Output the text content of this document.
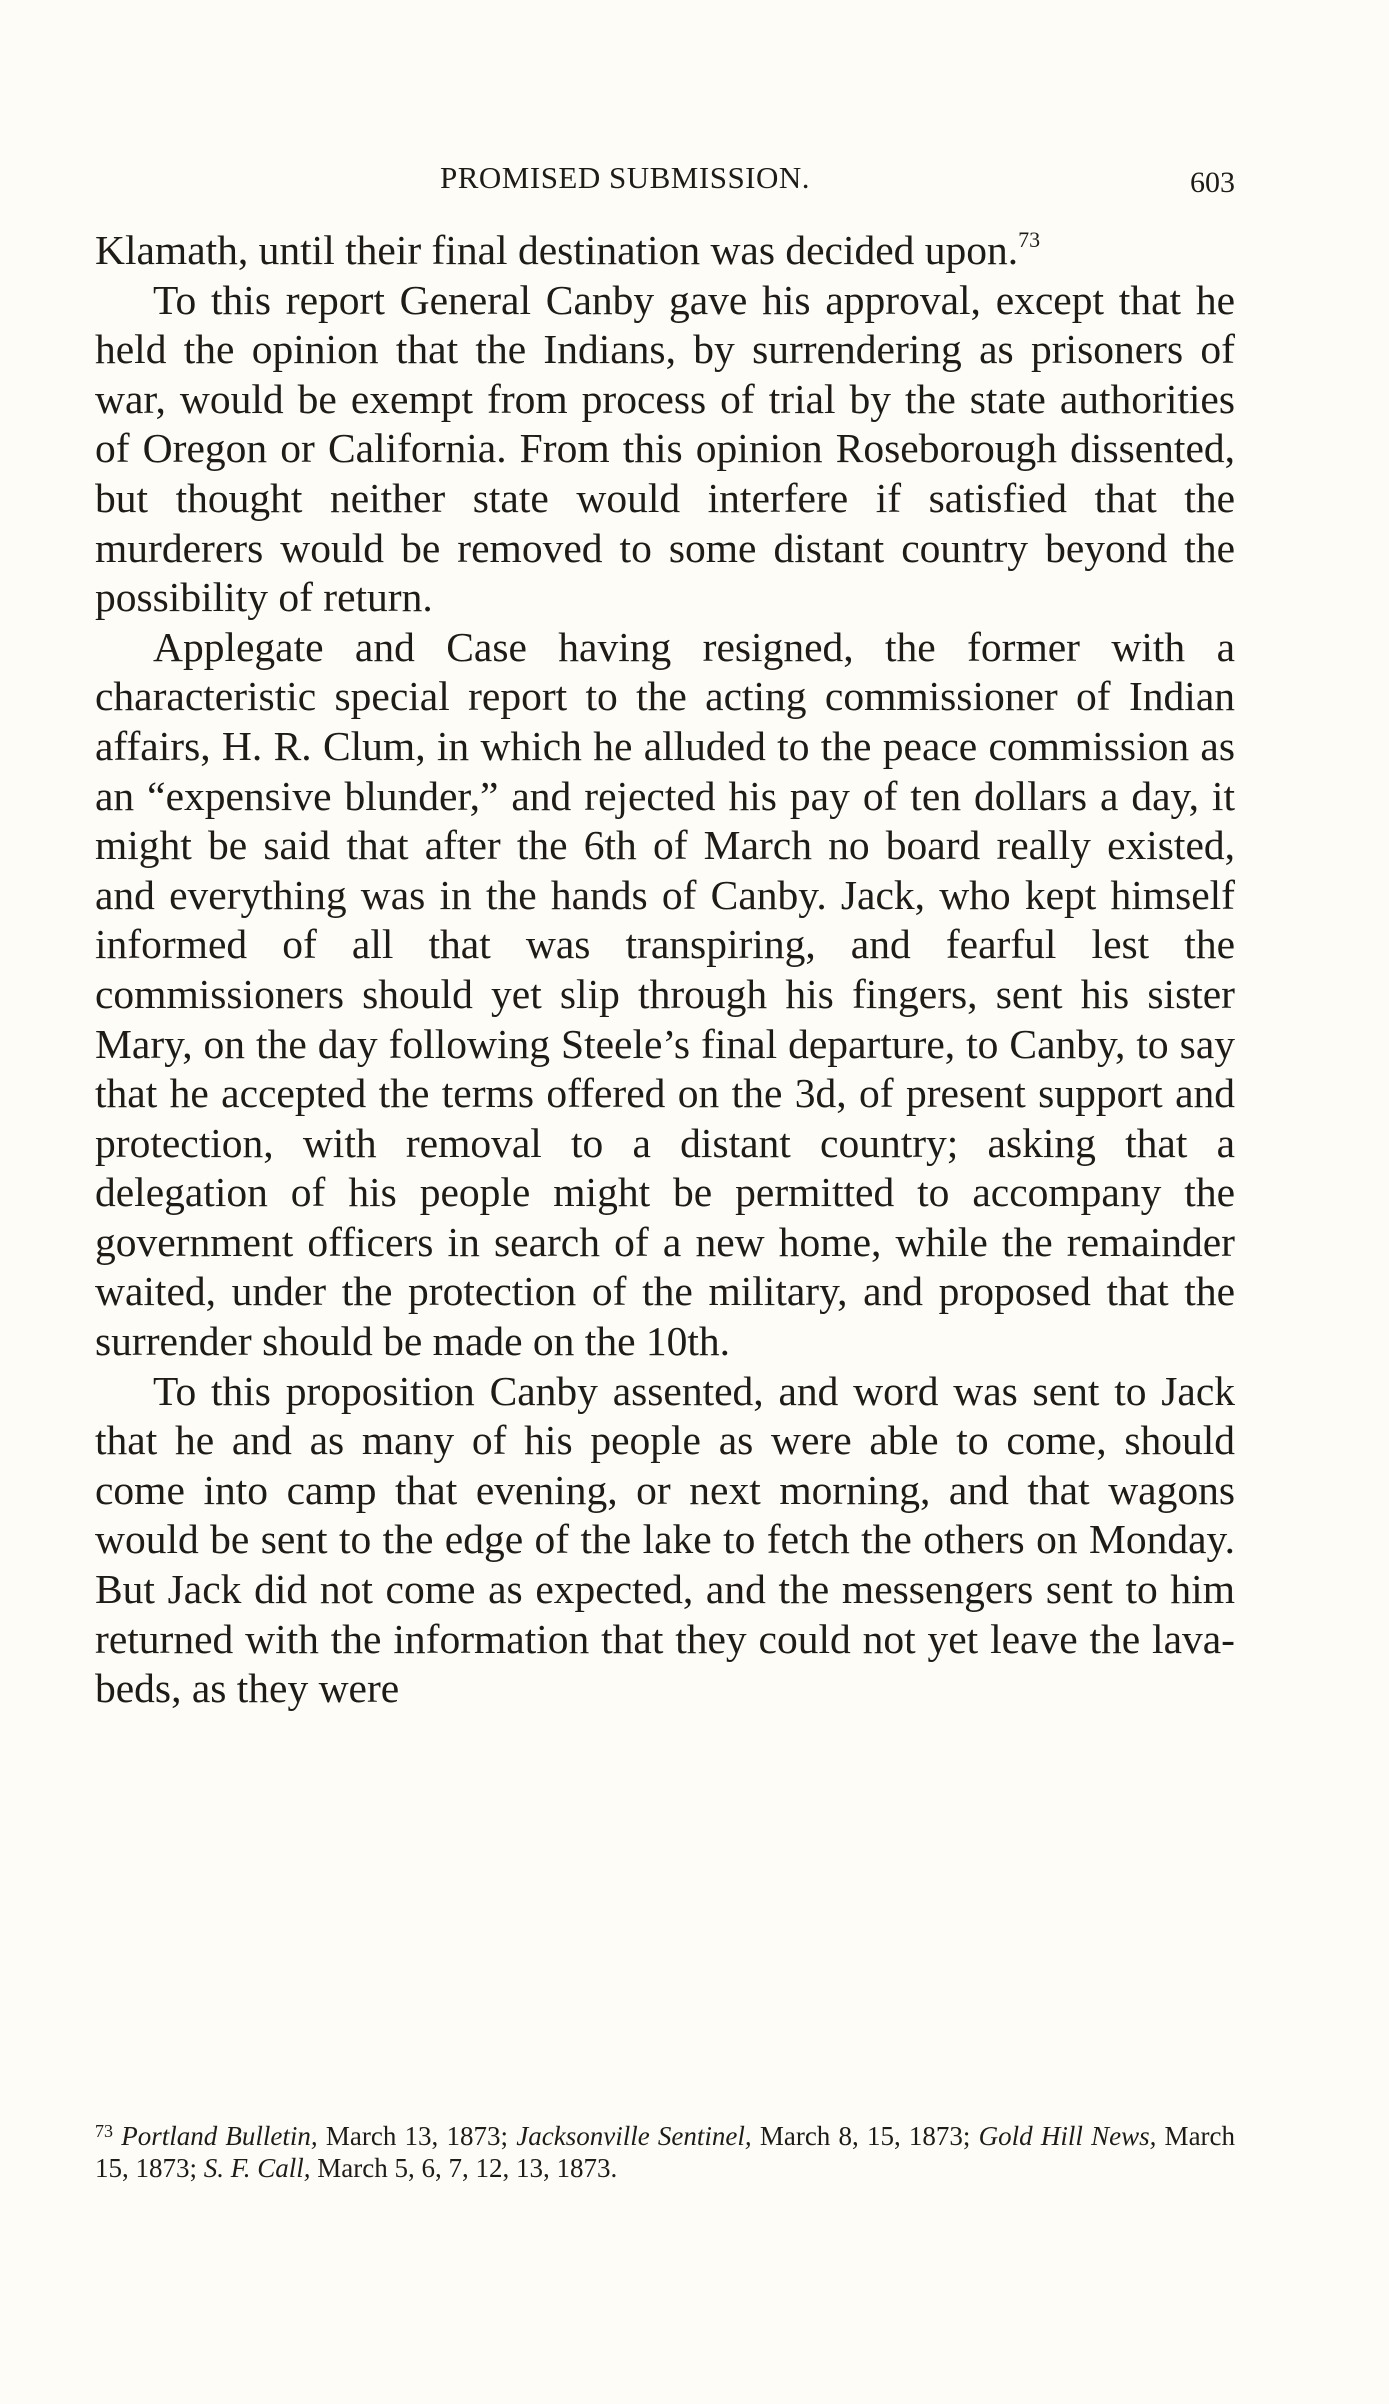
PROMISED SUBMISSION.	603

Klamath, until their final destination was decided upon.$^{73}$

To this report General Canby gave his approval, except that he held the opinion that the Indians, by surrendering as prisoners of war, would be exempt from process of trial by the state authorities of Oregon or California. From this opinion Roseborough dissented, but thought neither state would interfere if satisfied that the murderers would be removed to some distant country beyond the possibility of return.

Applegate and Case having resigned, the former with a characteristic special report to the acting commissioner of Indian affairs, H. R. Clum, in which he alluded to the peace commission as an “expensive blunder,” and rejected his pay of ten dollars a day, it might be said that after the 6th of March no board really existed, and everything was in the hands of Canby. Jack, who kept himself informed of all that was transpiring, and fearful lest the commissioners should yet slip through his fingers, sent his sister Mary, on the day following Steele’s final departure, to Canby, to say that he accepted the terms offered on the 3d, of present support and protection, with removal to a distant country; asking that a delegation of his people might be permitted to accompany the government officers in search of a new home, while the remainder waited, under the protection of the military, and proposed that the surrender should be made on the 10th.

To this proposition Canby assented, and word was sent to Jack that he and as many of his people as were able to come, should come into camp that evening, or next morning, and that wagons would be sent to the edge of the lake to fetch the others on Monday. But Jack did not come as expected, and the messengers sent to him returned with the information that they could not yet leave the lava-beds, as they were

$^{73}$ Portland Bulletin, March 13, 1873; Jacksonville Sentinel, March 8, 15, 1873; Gold Hill News, March 15, 1873; S. F. Call, March 5, 6, 7, 12, 13, 1873.
